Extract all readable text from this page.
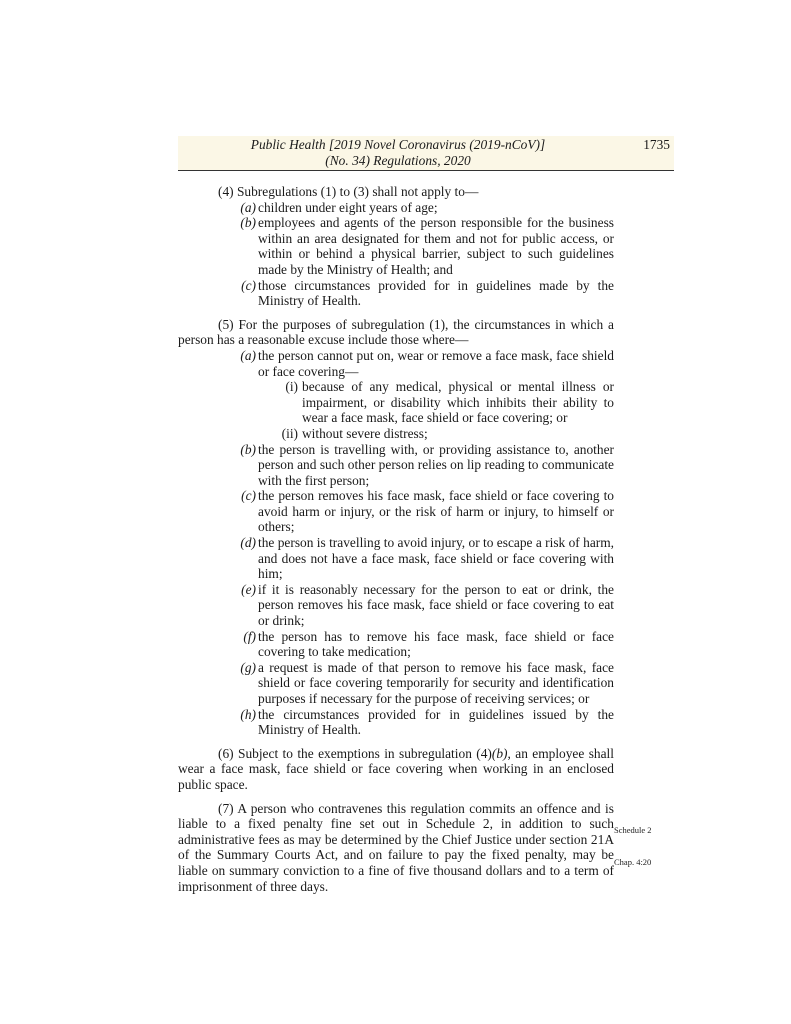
Public Health [2019 Novel Coronavirus (2019-nCoV)]
(No. 34) Regulations, 2020
1735

(4) Subregulations (1) to (3) shall not apply to—

(a) children under eight years of age;
(b) employees and agents of the person responsible for the business within an area designated for them and not for public access, or within or behind a physical barrier, subject to such guidelines made by the Ministry of Health; and
(c) those circumstances provided for in guidelines made by the Ministry of Health.

(5) For the purposes of subregulation (1), the circumstances in which a person has a reasonable excuse include those where—

(a) the person cannot put on, wear or remove a face mask, face shield or face covering—
(i) because of any medical, physical or mental illness or impairment, or disability which inhibits their ability to wear a face mask, face shield or face covering; or
(ii) without severe distress;
(b) the person is travelling with, or providing assistance to, another person and such other person relies on lip reading to communicate with the first person;
(c) the person removes his face mask, face shield or face covering to avoid harm or injury, or the risk of harm or injury, to himself or others;
(d) the person is travelling to avoid injury, or to escape a risk of harm, and does not have a face mask, face shield or face covering with him;
(e) if it is reasonably necessary for the person to eat or drink, the person removes his face mask, face shield or face covering to eat or drink;
(f) the person has to remove his face mask, face shield or face covering to take medication;
(g) a request is made of that person to remove his face mask, face shield or face covering temporarily for security and identification purposes if necessary for the purpose of receiving services; or
(h) the circumstances provided for in guidelines issued by the Ministry of Health.

(6) Subject to the exemptions in subregulation (4)(b), an employee shall wear a face mask, face shield or face covering when working in an enclosed public space.

(7) A person who contravenes this regulation commits an offence and is liable to a fixed penalty fine set out in Schedule 2, in addition to such administrative fees as may be determined by the Chief Justice under section 21A of the Summary Courts Act, and on failure to pay the fixed penalty, may be liable on summary conviction to a fine of five thousand dollars and to a term of imprisonment of three days.

Schedule 2
Chap. 4:20
